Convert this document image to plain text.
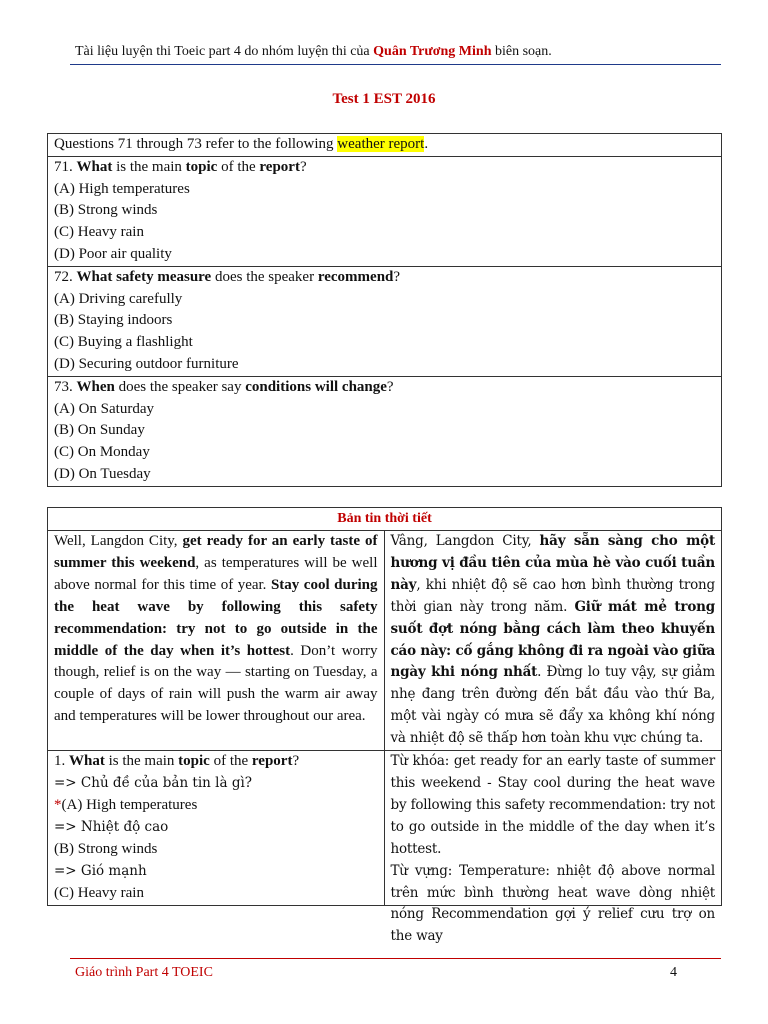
Tài liệu luyện thi Toeic part 4 do nhóm luyện thi của Quân Trương Minh biên soạn.
Test 1 EST 2016
Questions 71 through 73 refer to the following weather report.
71. What is the main topic of the report?
(A) High temperatures
(B) Strong winds
(C) Heavy rain
(D) Poor air quality
72. What safety measure does the speaker recommend?
(A) Driving carefully
(B) Staying indoors
(C) Buying a flashlight
(D) Securing outdoor furniture
73. When does the speaker say conditions will change?
(A) On Saturday
(B) On Sunday
(C) On Monday
(D) On Tuesday
Bản tin thời tiết
Well, Langdon City, get ready for an early taste of summer this weekend, as temperatures will be well above normal for this time of year. Stay cool during the heat wave by following this safety recommendation: try not to go outside in the middle of the day when it’s hottest. Don’t worry though, relief is on the way — starting on Tuesday, a couple of days of rain will push the warm air away and temperatures will be lower throughout our area.
Vâng, Langdon City, hãy sẵn sàng cho một hương vị đầu tiên của mùa hè vào cuối tuần này, khi nhiệt độ sẽ cao hơn bình thường trong thời gian này trong năm. Giữ mát mẻ trong suốt đợt nóng bằng cách làm theo khuyến cáo này: cố gắng không đi ra ngoài vào giữa ngày khi nóng nhất. Đừng lo tuy vậy, sự giảm nhẹ đang trên đường đến bắt đầu vào thứ Ba, một vài ngày có mưa sẽ đẩy xa không khí nóng và nhiệt độ sẽ thấp hơn toàn khu vực chúng ta.
1. What is the main topic of the report?
=> Chủ đề của bản tin là gì?
*(A) High temperatures
=> Nhiệt độ cao
(B) Strong winds
=> Gió mạnh
(C) Heavy rain
Từ khóa: get ready for an early taste of summer this weekend - Stay cool during the heat wave by following this safety recommendation: try not to go outside in the middle of the day when it’s hottest.
Từ vựng: Temperature: nhiệt độ above normal trên mức bình thường heat wave dòng nhiệt nóng Recommendation gợi ý relief cưu trợ on the way
Giáo trình Part 4 TOEIC	4
